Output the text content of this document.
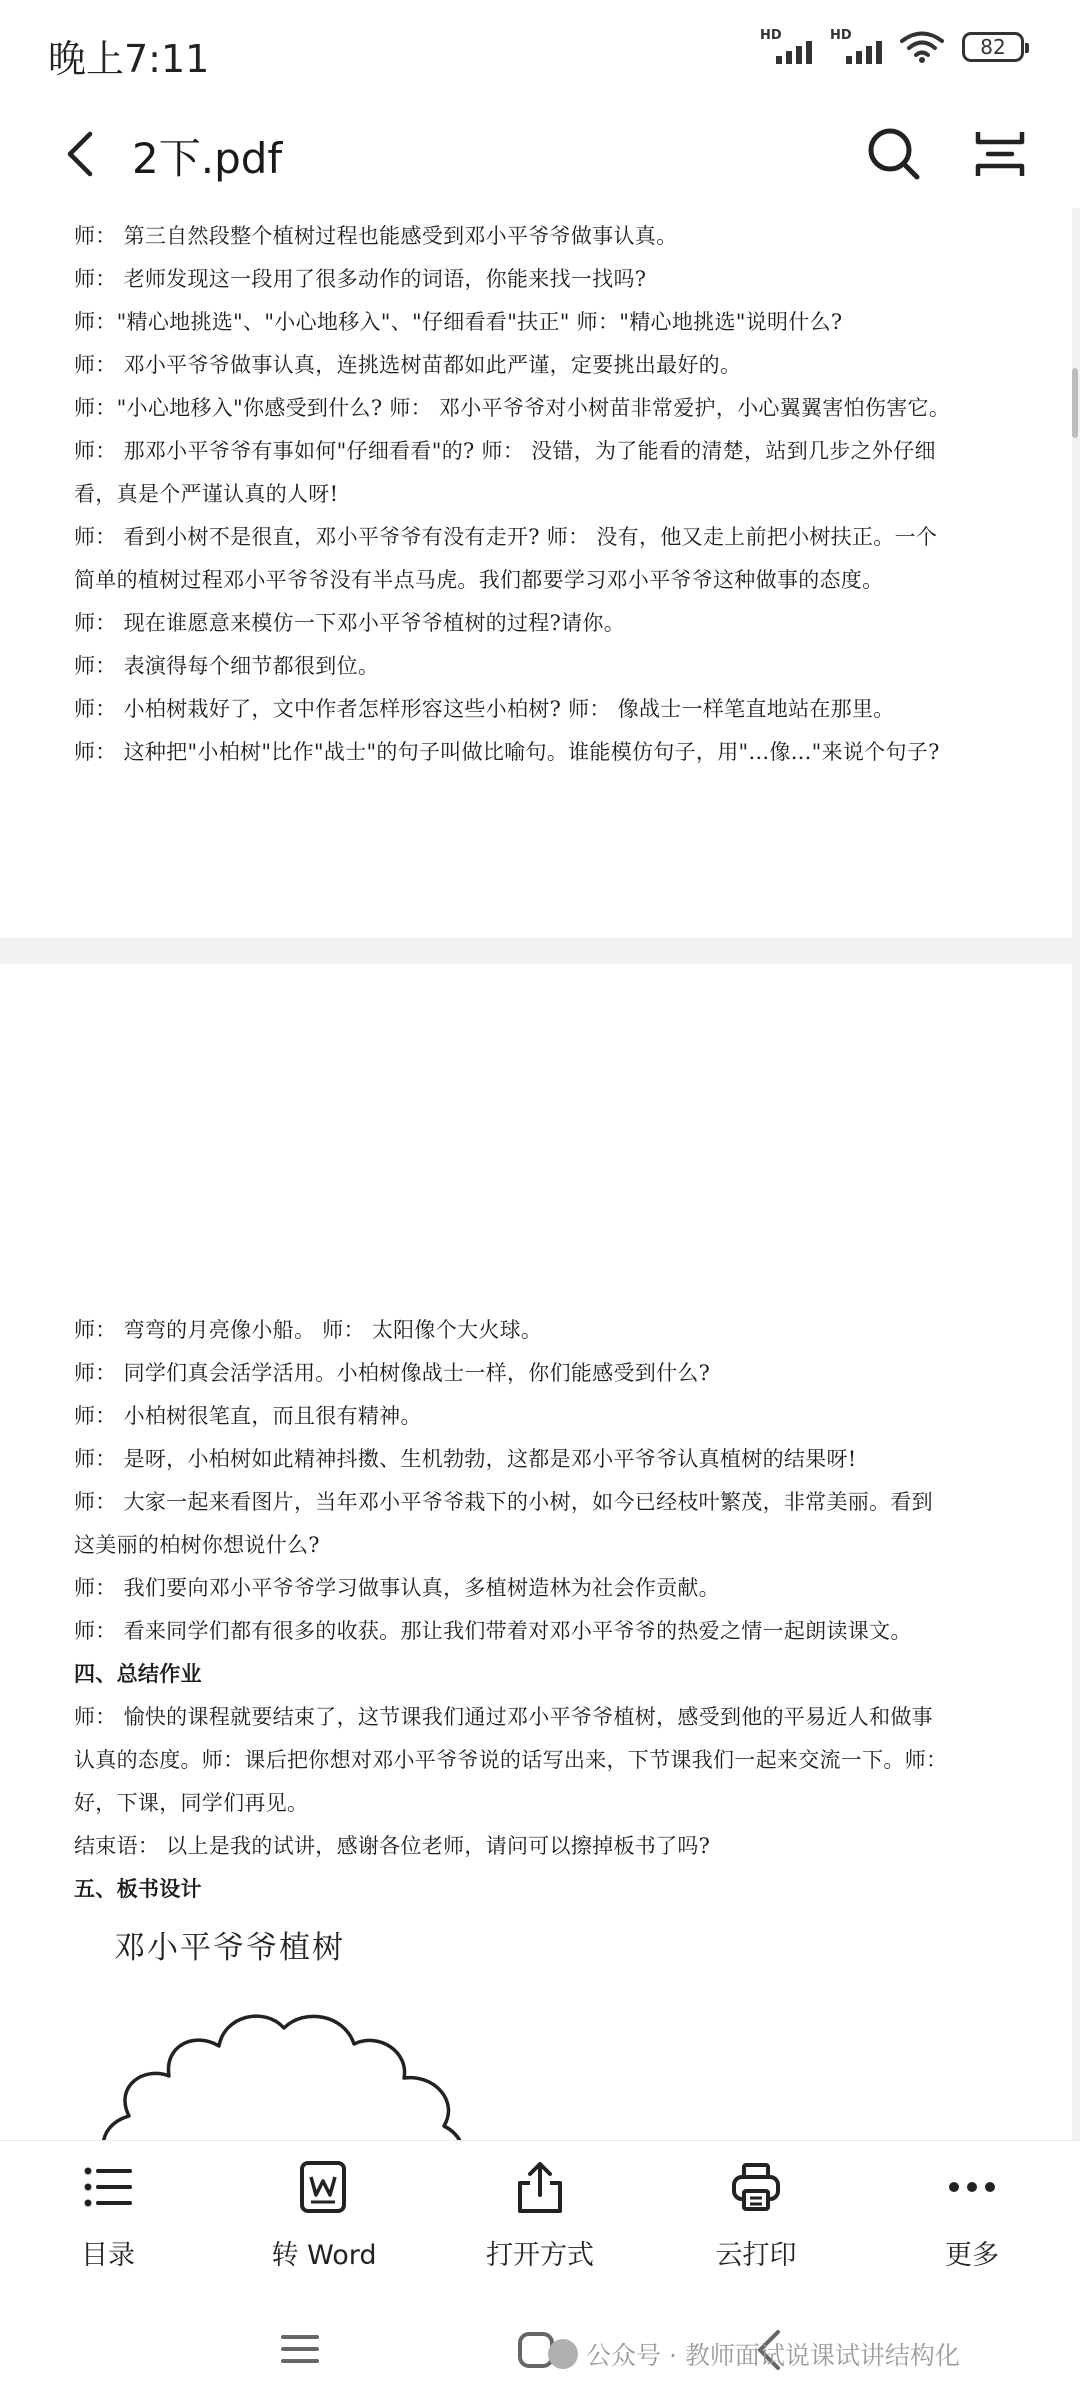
晚上7:11
HD	HD	82
2下.pdf
师： 第三自然段整个植树过程也能感受到邓小平爷爷做事认真。
师： 老师发现这一段用了很多动作的词语，你能来找一找吗?
师："精心地挑选"、"小心地移入"、"仔细看看"扶正" 师："精心地挑选"说明什么?
师： 邓小平爷爷做事认真，连挑选树苗都如此严谨，定要挑出最好的。
师："小心地移入"你感受到什么? 师： 邓小平爷爷对小树苗非常爱护，小心翼翼害怕伤害它。
师： 那邓小平爷爷有事如何"仔细看看"的? 师： 没错，为了能看的清楚，站到几步之外仔细
看，真是个严谨认真的人呀!
师： 看到小树不是很直，邓小平爷爷有没有走开? 师： 没有，他又走上前把小树扶正。一个
简单的植树过程邓小平爷爷没有半点马虎。我们都要学习邓小平爷爷这种做事的态度。
师： 现在谁愿意来模仿一下邓小平爷爷植树的过程?请你。
师： 表演得每个细节都很到位。
师： 小柏树栽好了，文中作者怎样形容这些小柏树? 师： 像战士一样笔直地站在那里。
师： 这种把"小柏树"比作"战士"的句子叫做比喻句。谁能模仿句子，用"...像..."来说个句子?
师： 弯弯的月亮像小船。 师： 太阳像个大火球。
师： 同学们真会活学活用。小柏树像战士一样，你们能感受到什么?
师： 小柏树很笔直，而且很有精神。
师： 是呀，小柏树如此精神抖擞、生机勃勃，这都是邓小平爷爷认真植树的结果呀!
师： 大家一起来看图片，当年邓小平爷爷栽下的小树，如今已经枝叶繁茂，非常美丽。看到
这美丽的柏树你想说什么?
师： 我们要向邓小平爷爷学习做事认真，多植树造林为社会作贡献。
师： 看来同学们都有很多的收获。那让我们带着对邓小平爷爷的热爱之情一起朗读课文。
四、总结作业
师： 愉快的课程就要结束了，这节课我们通过邓小平爷爷植树，感受到他的平易近人和做事
认真的态度。师：课后把你想对邓小平爷爷说的话写出来，下节课我们一起来交流一下。师：
好，下课，同学们再见。
结束语： 以上是我的试讲，感谢各位老师，请问可以擦掉板书了吗?
五、板书设计
邓小平爷爷植树
目录	转 Word	打开方式	云打印	更多
公众号 · 教师面试说课试讲结构化
